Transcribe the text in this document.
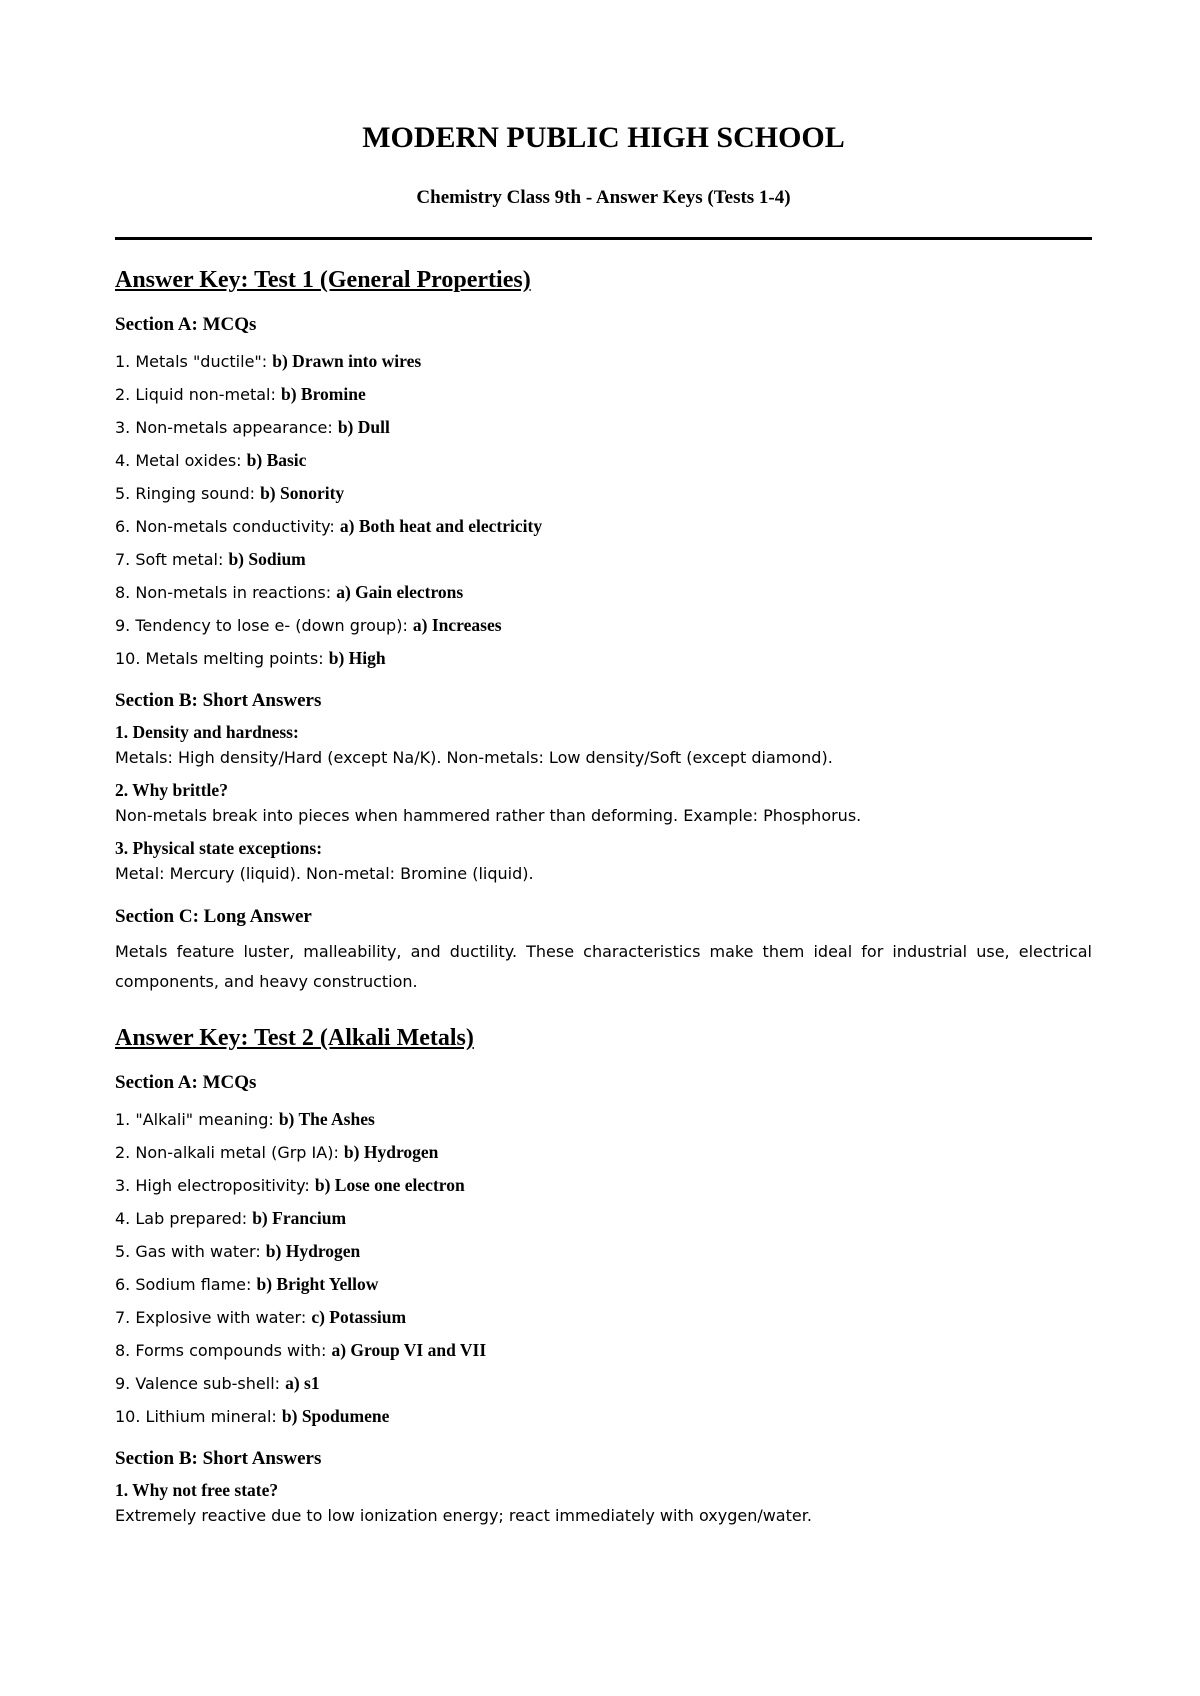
MODERN PUBLIC HIGH SCHOOL

Chemistry Class 9th - Answer Keys (Tests 1-4)

Answer Key: Test 1 (General Properties)
Section A: MCQs
1. Metals "ductile": b) Drawn into wires
2. Liquid non-metal: b) Bromine
3. Non-metals appearance: b) Dull
4. Metal oxides: b) Basic
5. Ringing sound: b) Sonority
6. Non-metals conductivity: a) Both heat and electricity
7. Soft metal: b) Sodium
8. Non-metals in reactions: a) Gain electrons
9. Tendency to lose e- (down group): a) Increases
10. Metals melting points: b) High
Section B: Short Answers

1. Density and hardness:

Metals: High density/Hard (except Na/K). Non-metals: Low density/Soft (except diamond).

2. Why brittle?

Non-metals break into pieces when hammered rather than deforming. Example: Phosphorus.

3. Physical state exceptions:

Metal: Mercury (liquid). Non-metal: Bromine (liquid).

Section C: Long Answer

Metals feature luster, malleability, and ductility. These characteristics make them ideal for industrial use, electrical components, and heavy construction.

Answer Key: Test 2 (Alkali Metals)
Section A: MCQs
1. "Alkali" meaning: b) The Ashes
2. Non-alkali metal (Grp IA): b) Hydrogen
3. High electropositivity: b) Lose one electron
4. Lab prepared: b) Francium
5. Gas with water: b) Hydrogen
6. Sodium flame: b) Bright Yellow
7. Explosive with water: c) Potassium
8. Forms compounds with: a) Group VI and VII
9. Valence sub-shell: a) s1
10. Lithium mineral: b) Spodumene
Section B: Short Answers

1. Why not free state?

Extremely reactive due to low ionization energy; react immediately with oxygen/water.
